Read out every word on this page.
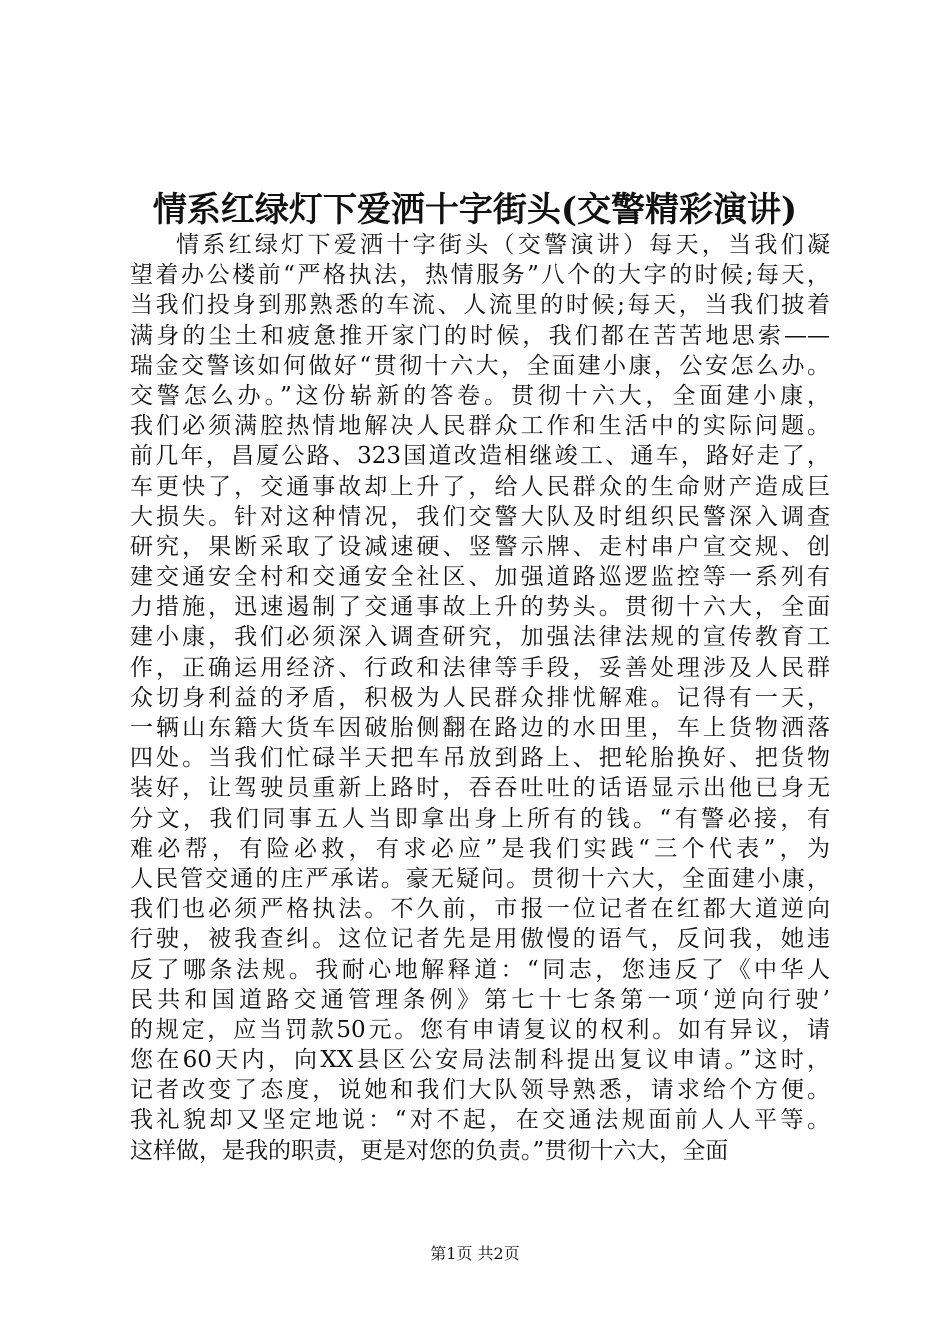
情系红绿灯下爱洒十字街头(交警精彩演讲)
情系红绿灯下爱洒十字街头（交警演讲）每天，当我们凝
望着办公楼前“严格执法，热情服务”八个的大字的时候;每天，
当我们投身到那熟悉的车流、人流里的时候;每天，当我们披着
满身的尘土和疲惫推开家门的时候，我们都在苦苦地思索——
瑞金交警该如何做好“贯彻十六大，全面建小康，公安怎么办。
交警怎么办。”这份崭新的答卷。贯彻十六大，全面建小康，
我们必须满腔热情地解决人民群众工作和生活中的实际问题。
前几年，昌厦公路、323国道改造相继竣工、通车，路好走了，
车更快了，交通事故却上升了，给人民群众的生命财产造成巨
大损失。针对这种情况，我们交警大队及时组织民警深入调查
研究，果断采取了设减速硬、竖警示牌、走村串户宣交规、创
建交通安全村和交通安全社区、加强道路巡逻监控等一系列有
力措施，迅速遏制了交通事故上升的势头。贯彻十六大，全面
建小康，我们必须深入调查研究，加强法律法规的宣传教育工
作，正确运用经济、行政和法律等手段，妥善处理涉及人民群
众切身利益的矛盾，积极为人民群众排忧解难。记得有一天，
一辆山东籍大货车因破胎侧翻在路边的水田里，车上货物洒落
四处。当我们忙碌半天把车吊放到路上、把轮胎换好、把货物
装好，让驾驶员重新上路时，吞吞吐吐的话语显示出他已身无
分文，我们同事五人当即拿出身上所有的钱。“有警必接，有
难必帮，有险必救，有求必应”是我们实践“三个代表”，为
人民管交通的庄严承诺。豪无疑问。贯彻十六大，全面建小康，
我们也必须严格执法。不久前，市报一位记者在红都大道逆向
行驶，被我查纠。这位记者先是用傲慢的语气，反问我，她违
反了哪条法规。我耐心地解释道：“同志，您违反了《中华人
民共和国道路交通管理条例》第七十七条第一项‘逆向行驶’
的规定，应当罚款50元。您有申请复议的权利。如有异议，请
您在60天内，向XX县区公安局法制科提出复议申请。”这时，
记者改变了态度，说她和我们大队领导熟悉，请求给个方便。
我礼貌却又坚定地说：“对不起，在交通法规面前人人平等。
这样做，是我的职责，更是对您的负责。”贯彻十六大，全面
第1页 共2页
